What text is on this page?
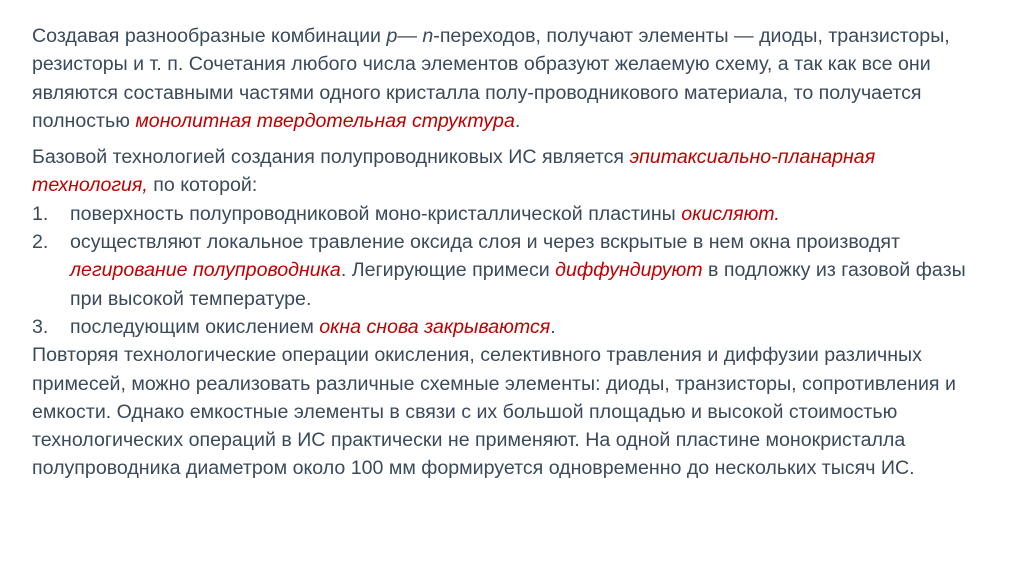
Создавая разнообразные комбинации p— n-переходов, получают элементы — диоды, транзисторы, резисторы и т. п. Сочетания любого числа элементов образуют желаемую схему, а так как все они являются составными частями одного кристалла полу-проводникового материала, то получается полностью монолитная твердотельная структура.

Базовой технологией создания полупроводниковых ИС является эпитаксиально-планарная технология, по которой:

1.	поверхность полупроводниковой моно-кристаллической пластины окисляют.
2.	осуществляют локальное травление оксида слоя и через вскрытые в нем окна производят легирование полупроводника. Легирующие примеси диффундируют в подложку из газовой фазы при высокой температуре.
3.	последующим окислением окна снова закрываются.

Повторяя технологические операции окисления, селективного травления и диффузии различных примесей, можно реализовать различные схемные элементы: диоды, транзисторы, сопротивления и емкости. Однако емкостные элементы в связи с их большой площадью и высокой стоимостью технологических операций в ИС практически не применяют. На одной пластине монокристалла полупроводника диаметром около 100 мм формируется одновременно до нескольких тысяч ИС.
